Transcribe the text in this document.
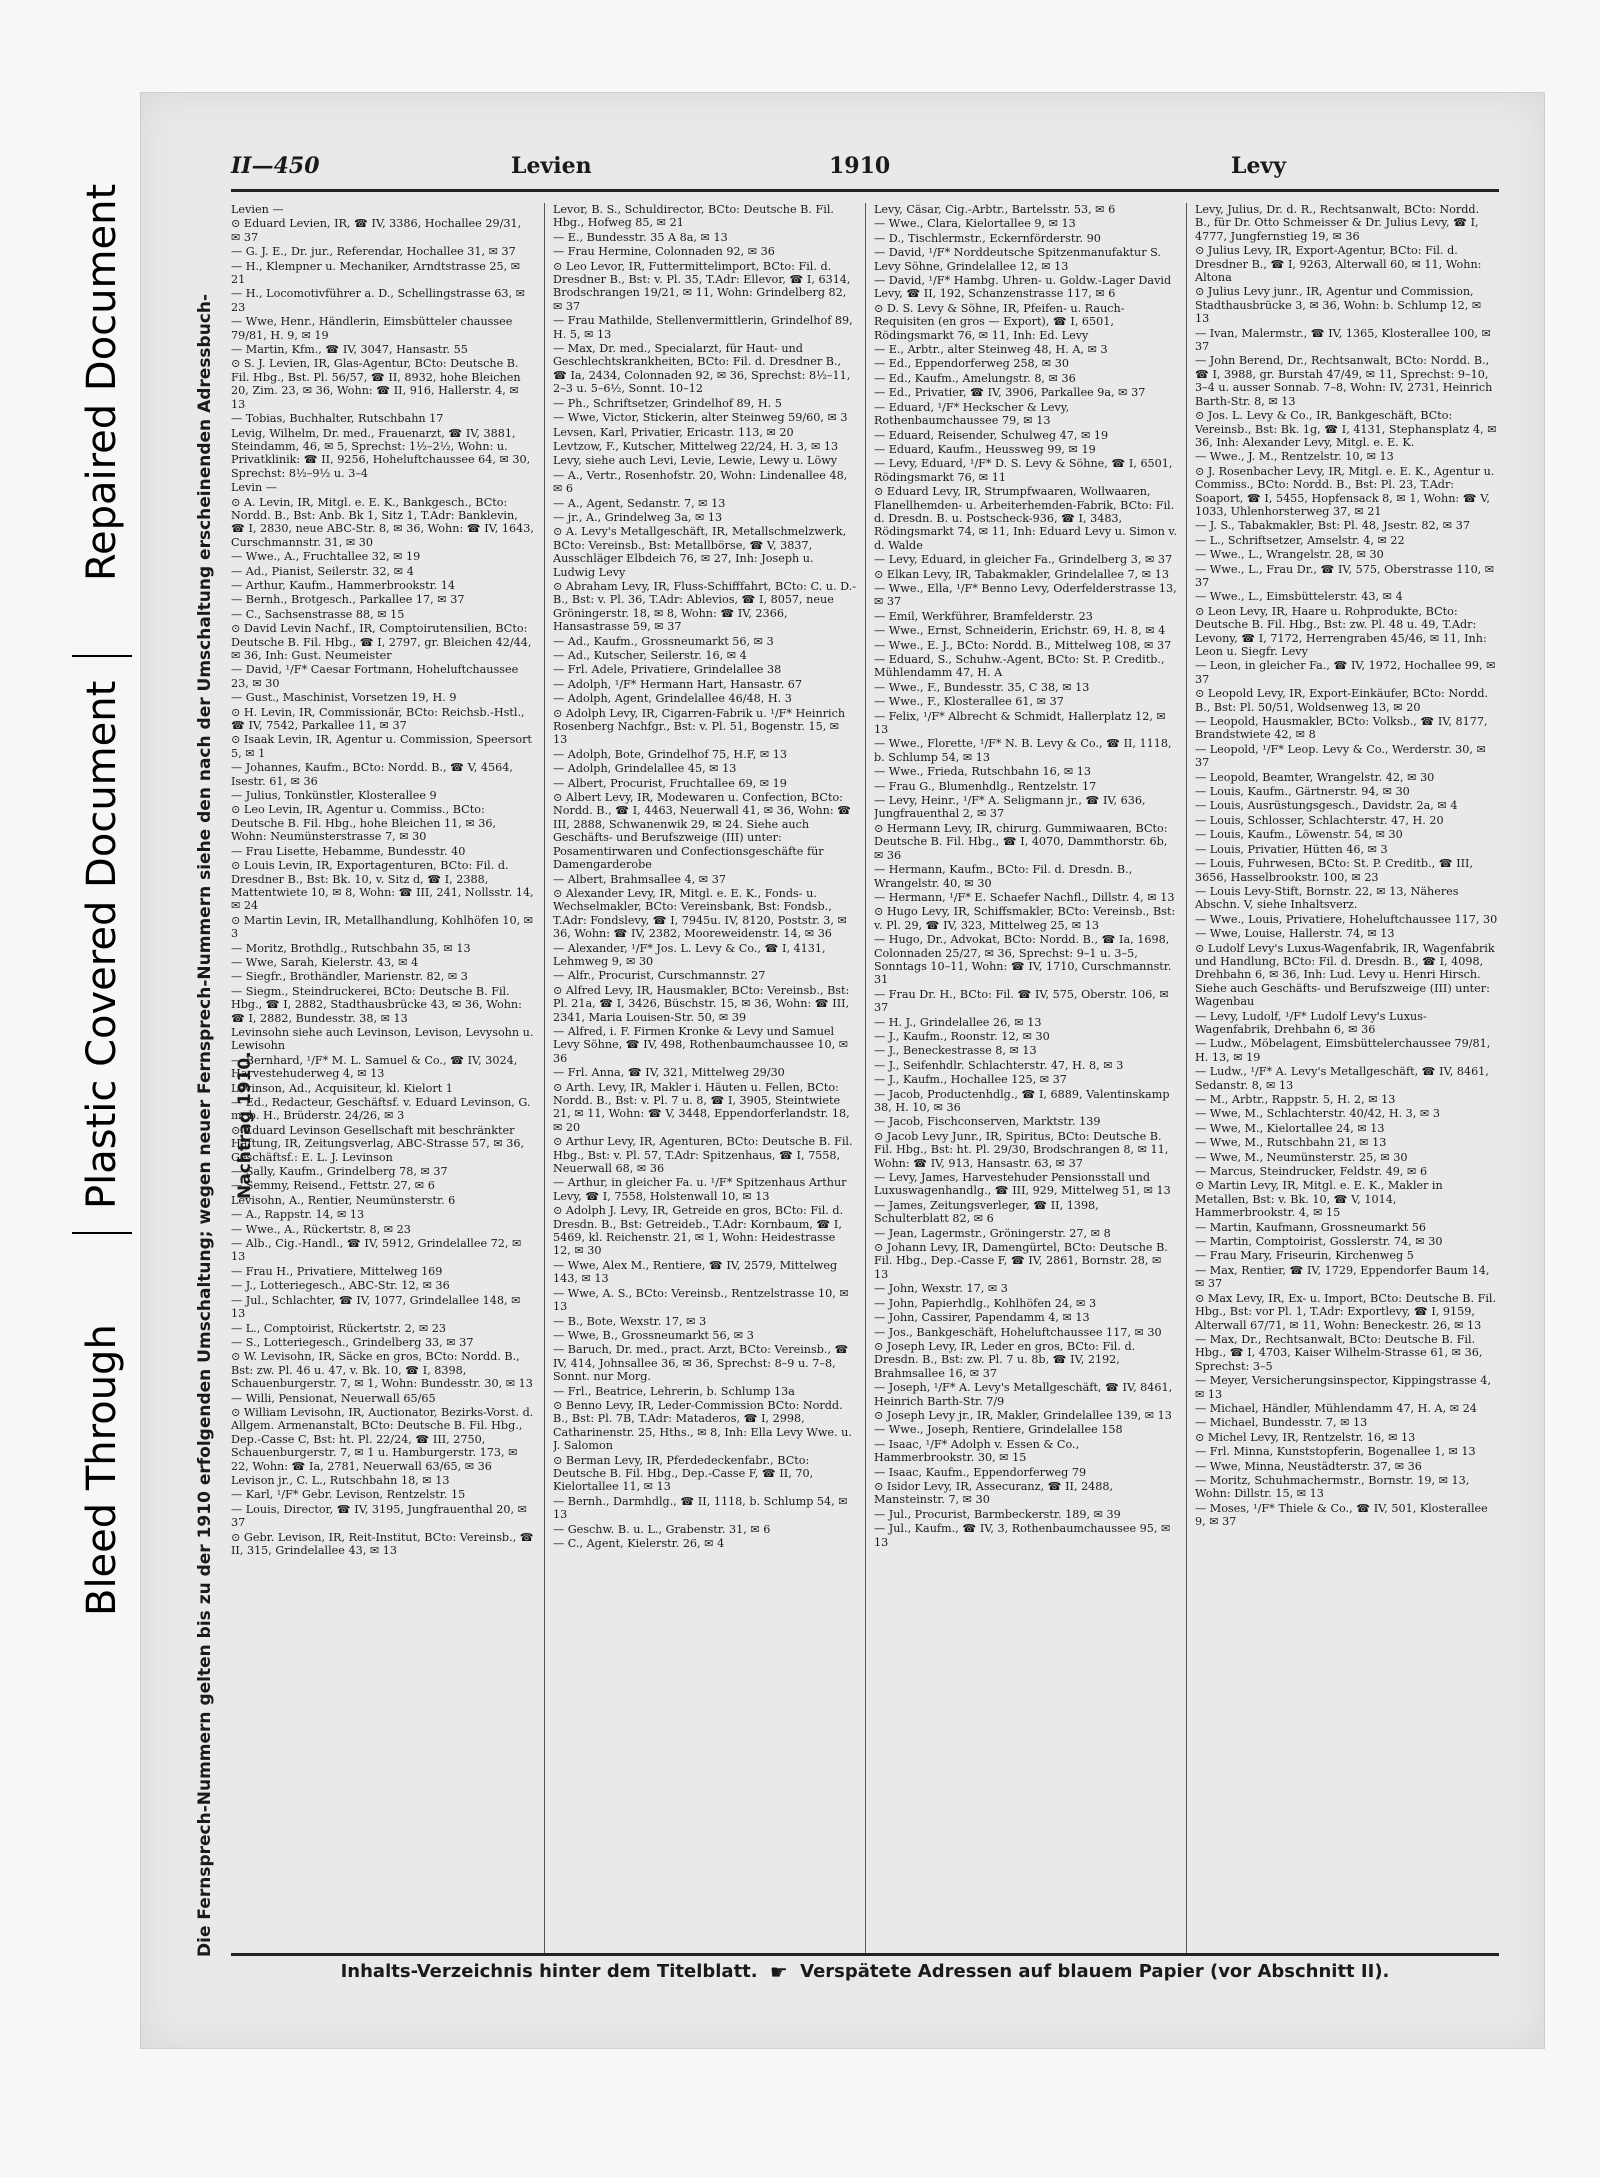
Bleed Through
Plastic Covered Document
Repaired Document	Die Fernsprech-Nummern gelten bis zu der 1910 erfolgenden Umschaltung; wegen neuer Fernsprech-Nummern siehe den nach der Umschaltung erscheinenden Adressbuch-Nachtrag 1910.
II—450	Levien	1910	Levy
Levien —
⊙ Eduard Levien, IR, ☎ IV, 3386, Hochallee 29/31, ✉ 37
— G. J. E., Dr. jur., Referendar, Hochallee 31, ✉ 37
— H., Klempner u. Mechaniker, Arndtstrasse 25, ✉ 21
— H., Locomotivführer a. D., Schellingstrasse 63, ✉ 23
— Wwe, Henr., Händlerin, Eimsbütteler chaussee 79/81, H. 9, ✉ 19
— Martin, Kfm., ☎ IV, 3047, Hansastr. 55
⊙ S. J. Levien, IR, Glas-Agentur, BCto: Deutsche B. Fil. Hbg., Bst. Pl. 56/57, ☎ II, 8932, hohe Bleichen 20, Zim. 23, ✉ 36, Wohn: ☎ II, 916, Hallerstr. 4, ✉ 13
— Tobias, Buchhalter, Rutschbahn 17
Levig, Wilhelm, Dr. med., Frauenarzt, ☎ IV, 3881, Steindamm, 46, ✉ 5, Sprechst: 1½–2½, Wohn: u. Privatklinik: ☎ II, 9256, Hoheluftchaussee 64, ✉ 30, Sprechst: 8½–9½ u. 3–4
Levin —
⊙ A. Levin, IR, Mitgl. e. E. K., Bankgesch., BCto: Nordd. B., Bst: Anb. Bk 1, Sitz 1, T.Adr: Banklevin, ☎ I, 2830, neue ABC-Str. 8, ✉ 36, Wohn: ☎ IV, 1643, Curschmannstr. 31, ✉ 30
— Wwe., A., Fruchtallee 32, ✉ 19
— Ad., Pianist, Seilerstr. 32, ✉ 4
— Arthur, Kaufm., Hammerbrookstr. 14
— Bernh., Brotgesch., Parkallee 17, ✉ 37
— C., Sachsenstrasse 88, ✉ 15
⊙ David Levin Nachf., IR, Comptoirutensilien, BCto: Deutsche B. Fil. Hbg., ☎ I, 2797, gr. Bleichen 42/44, ✉ 36, Inh: Gust. Neumeister
— David, ¹/F* Caesar Fortmann, Hoheluftchaussee 23, ✉ 30
— Gust., Maschinist, Vorsetzen 19, H. 9
⊙ H. Levin, IR, Commissionär, BCto: Reichsb.-Hstl., ☎ IV, 7542, Parkallee 11, ✉ 37
⊙ Isaak Levin, IR, Agentur u. Commission, Speersort 5, ✉ 1
— Johannes, Kaufm., BCto: Nordd. B., ☎ V, 4564, Isestr. 61, ✉ 36
— Julius, Tonkünstler, Klosterallee 9
⊙ Leo Levin, IR, Agentur u. Commiss., BCto: Deutsche B. Fil. Hbg., hohe Bleichen 11, ✉ 36, Wohn: Neumünsterstrasse 7, ✉ 30
— Frau Lisette, Hebamme, Bundesstr. 40
⊙ Louis Levin, IR, Exportagenturen, BCto: Fil. d. Dresdner B., Bst: Bk. 10, v. Sitz d, ☎ I, 2388, Mattentwiete 10, ✉ 8, Wohn: ☎ III, 241, Nollsstr. 14, ✉ 24
⊙ Martin Levin, IR, Metallhandlung, Kohlhöfen 10, ✉ 3
— Moritz, Brothdlg., Rutschbahn 35, ✉ 13
— Wwe, Sarah, Kielerstr. 43, ✉ 4
— Siegfr., Brothändler, Marienstr. 82, ✉ 3
— Siegm., Steindruckerei, BCto: Deutsche B. Fil. Hbg., ☎ I, 2882, Stadthausbrücke 43, ✉ 36, Wohn: ☎ I, 2882, Bundesstr. 38, ✉ 13
Levinsohn siehe auch Levinson, Levison, Levysohn u. Lewisohn
— Bernhard, ¹/F* M. L. Samuel & Co., ☎ IV, 3024, Harvestehuderweg 4, ✉ 13
Levinson, Ad., Acquisiteur, kl. Kielort 1
— Ed., Redacteur, Geschäftsf. v. Eduard Levinson, G. m. b. H., Brüderstr. 24/26, ✉ 3
⊙ Eduard Levinson Gesellschaft mit beschränkter Haftung, IR, Zeitungsverlag, ABC-Strasse 57, ✉ 36, Geschäftsf.: E. L. J. Levinson
— Sally, Kaufm., Grindelberg 78, ✉ 37
— Semmy, Reisend., Fettstr. 27, ✉ 6
Levisohn, A., Rentier, Neumünsterstr. 6
— A., Rappstr. 14, ✉ 13
— Wwe., A., Rückertstr. 8, ✉ 23
— Alb., Cig.-Handl., ☎ IV, 5912, Grindelallee 72, ✉ 13
— Frau H., Privatiere, Mittelweg 169
— J., Lotteriegesch., ABC-Str. 12, ✉ 36
— Jul., Schlachter, ☎ IV, 1077, Grindelallee 148, ✉ 13
— L., Comptoirist, Rückertstr. 2, ✉ 23
— S., Lotteriegesch., Grindelberg 33, ✉ 37
⊙ W. Levisohn, IR, Säcke en gros, BCto: Nordd. B., Bst: zw. Pl. 46 u. 47, v. Bk. 10, ☎ I, 8398, Schauenburgerstr. 7, ✉ 1, Wohn: Bundesstr. 30, ✉ 13
— Willi, Pensionat, Neuerwall 65/65
⊙ William Levisohn, IR, Auctionator, Bezirks-Vorst. d. Allgem. Armenanstalt, BCto: Deutsche B. Fil. Hbg., Dep.-Casse C, Bst: ht. Pl. 22/24, ☎ III, 2750, Schauenburgerstr. 7, ✉ 1 u. Hamburgerstr. 173, ✉ 22, Wohn: ☎ Ia, 2781, Neuerwall 63/65, ✉ 36
Levison jr., C. L., Rutschbahn 18, ✉ 13
— Karl, ¹/F* Gebr. Levison, Rentzelstr. 15
— Louis, Director, ☎ IV, 3195, Jungfrauenthal 20, ✉ 37
⊙ Gebr. Levison, IR, Reit-Institut, BCto: Vereinsb., ☎ II, 315, Grindelallee 43, ✉ 13
Levor, B. S., Schuldirector, BCto: Deutsche B. Fil. Hbg., Hofweg 85, ✉ 21
— E., Bundesstr. 35 A 8a, ✉ 13
— Frau Hermine, Colonnaden 92, ✉ 36
⊙ Leo Levor, IR, Futtermittelimport, BCto: Fil. d. Dresdner B., Bst: v. Pl. 35, T.Adr: Ellevor, ☎ I, 6314, Brodschrangen 19/21, ✉ 11, Wohn: Grindelberg 82, ✉ 37
— Frau Mathilde, Stellenvermittlerin, Grindelhof 89, H. 5, ✉ 13
— Max, Dr. med., Specialarzt, für Haut- und Geschlechtskrankheiten, BCto: Fil. d. Dresdner B., ☎ Ia, 2434, Colonnaden 92, ✉ 36, Sprechst: 8½–11, 2–3 u. 5–6½, Sonnt. 10–12
— Ph., Schriftsetzer, Grindelhof 89, H. 5
— Wwe, Victor, Stickerin, alter Steinweg 59/60, ✉ 3
Levsen, Karl, Privatier, Ericastr. 113, ✉ 20
Levtzow, F., Kutscher, Mittelweg 22/24, H. 3, ✉ 13
Levy, siehe auch Levi, Levie, Lewie, Lewy u. Löwy
— A., Vertr., Rosenhofstr. 20, Wohn: Lindenallee 48, ✉ 6
— A., Agent, Sedanstr. 7, ✉ 13
— jr., A., Grindelweg 3a, ✉ 13
⊙ A. Levy's Metallgeschäft, IR, Metallschmelzwerk, BCto: Vereinsb., Bst: Metallbörse, ☎ V, 3837, Ausschläger Elbdeich 76, ✉ 27, Inh: Joseph u. Ludwig Levy
⊙ Abraham Levy, IR, Fluss-Schifffahrt, BCto: C. u. D.-B., Bst: v. Pl. 36, T.Adr: Ablevios, ☎ I, 8057, neue Gröningerstr. 18, ✉ 8, Wohn: ☎ IV, 2366, Hansastrasse 59, ✉ 37
— Ad., Kaufm., Grossneumarkt 56, ✉ 3
— Ad., Kutscher, Seilerstr. 16, ✉ 4
— Frl. Adele, Privatiere, Grindelallee 38
— Adolph, ¹/F* Hermann Hart, Hansastr. 67
— Adolph, Agent, Grindelallee 46/48, H. 3
⊙ Adolph Levy, IR, Cigarren-Fabrik u. ¹/F* Heinrich Rosenberg Nachfgr., Bst: v. Pl. 51, Bogenstr. 15, ✉ 13
— Adolph, Bote, Grindelhof 75, H.F, ✉ 13
— Adolph, Grindelallee 45, ✉ 13
— Albert, Procurist, Fruchtallee 69, ✉ 19
⊙ Albert Levy, IR, Modewaren u. Confection, BCto: Nordd. B., ☎ I, 4463, Neuerwall 41, ✉ 36, Wohn: ☎ III, 2888, Schwanenwik 29, ✉ 24. Siehe auch Geschäfts- und Berufszweige (III) unter: Posamentirwaren und Confectionsgeschäfte für Damengarderobe
— Albert, Brahmsallee 4, ✉ 37
⊙ Alexander Levy, IR, Mitgl. e. E. K., Fonds- u. Wechselmakler, BCto: Vereinsbank, Bst: Fondsb., T.Adr: Fondslevy, ☎ I, 7945u. IV, 8120, Poststr. 3, ✉ 36, Wohn: ☎ IV, 2382, Mooreweidenstr. 14, ✉ 36
— Alexander, ¹/F* Jos. L. Levy & Co., ☎ I, 4131, Lehmweg 9, ✉ 30
— Alfr., Procurist, Curschmannstr. 27
⊙ Alfred Levy, IR, Hausmakler, BCto: Vereinsb., Bst: Pl. 21a, ☎ I, 3426, Büschstr. 15, ✉ 36, Wohn: ☎ III, 2341, Maria Louisen-Str. 50, ✉ 39
— Alfred, i. F. Firmen Kronke & Levy und Samuel Levy Söhne, ☎ IV, 498, Rothenbaumchaussee 10, ✉ 36
— Frl. Anna, ☎ IV, 321, Mittelweg 29/30
⊙ Arth. Levy, IR, Makler i. Häuten u. Fellen, BCto: Nordd. B., Bst: v. Pl. 7 u. 8, ☎ I, 3905, Steintwiete 21, ✉ 11, Wohn: ☎ V, 3448, Eppendorferlandstr. 18, ✉ 20
⊙ Arthur Levy, IR, Agenturen, BCto: Deutsche B. Fil. Hbg., Bst: v. Pl. 57, T.Adr: Spitzenhaus, ☎ I, 7558, Neuerwall 68, ✉ 36
— Arthur, in gleicher Fa. u. ¹/F* Spitzenhaus Arthur Levy, ☎ I, 7558, Holstenwall 10, ✉ 13
⊙ Adolph J. Levy, IR, Getreide en gros, BCto: Fil. d. Dresdn. B., Bst: Getreideb., T.Adr: Kornbaum, ☎ I, 5469, kl. Reichenstr. 21, ✉ 1, Wohn: Heidestrasse 12, ✉ 30
— Wwe, Alex M., Rentiere, ☎ IV, 2579, Mittelweg 143, ✉ 13
— Wwe, A. S., BCto: Vereinsb., Rentzelstrasse 10, ✉ 13
— B., Bote, Wexstr. 17, ✉ 3
— Wwe, B., Grossneumarkt 56, ✉ 3
— Baruch, Dr. med., pract. Arzt, BCto: Vereinsb., ☎ IV, 414, Johnsallee 36, ✉ 36, Sprechst: 8–9 u. 7–8, Sonnt. nur Morg.
— Frl., Beatrice, Lehrerin, b. Schlump 13a
⊙ Benno Levy, IR, Leder-Commission BCto: Nordd. B., Bst: Pl. 7B, T.Adr: Mataderos, ☎ I, 2998, Catharinenstr. 25, Hths., ✉ 8, Inh: Ella Levy Wwe. u. J. Salomon
⊙ Berman Levy, IR, Pferdedeckenfabr., BCto: Deutsche B. Fil. Hbg., Dep.-Casse F, ☎ II, 70, Kielortallee 11, ✉ 13
— Bernh., Darmhdlg., ☎ II, 1118, b. Schlump 54, ✉ 13
— Geschw. B. u. L., Grabenstr. 31, ✉ 6
— C., Agent, Kielerstr. 26, ✉ 4
Levy, Cäsar, Cig.-Arbtr., Bartelsstr. 53, ✉ 6
— Wwe., Clara, Kielortallee 9, ✉ 13
— D., Tischlermstr., Eckernförderstr. 90
— David, ¹/F* Norddeutsche Spitzenmanufaktur S. Levy Söhne, Grindelallee 12, ✉ 13
— David, ¹/F* Hambg. Uhren- u. Goldw.-Lager David Levy, ☎ II, 192, Schanzenstrasse 117, ✉ 6
⊙ D. S. Levy & Söhne, IR, Pfeifen- u. Rauch-Requisiten (en gros — Export), ☎ I, 6501, Rödingsmarkt 76, ✉ 11, Inh: Ed. Levy
— E., Arbtr., alter Steinweg 48, H. A, ✉ 3
— Ed., Eppendorferweg 258, ✉ 30
— Ed., Kaufm., Amelungstr. 8, ✉ 36
— Ed., Privatier, ☎ IV, 3906, Parkallee 9a, ✉ 37
— Eduard, ¹/F* Heckscher & Levy, Rothenbaumchaussee 79, ✉ 13
— Eduard, Reisender, Schulweg 47, ✉ 19
— Eduard, Kaufm., Heussweg 99, ✉ 19
— Levy, Eduard, ¹/F* D. S. Levy & Söhne, ☎ I, 6501, Rödingsmarkt 76, ✉ 11
⊙ Eduard Levy, IR, Strumpfwaaren, Wollwaaren, Flanellhemden- u. Arbeiterhemden-Fabrik, BCto: Fil. d. Dresdn. B. u. Postscheck-936, ☎ I, 3483, Rödingsmarkt 74, ✉ 11, Inh: Eduard Levy u. Simon v. d. Walde
— Levy, Eduard, in gleicher Fa., Grindelberg 3, ✉ 37
⊙ Elkan Levy, IR, Tabakmakler, Grindelallee 7, ✉ 13
— Wwe., Ella, ¹/F* Benno Levy, Oderfelderstrasse 13, ✉ 37
— Emil, Werkführer, Bramfelderstr. 23
— Wwe., Ernst, Schneiderin, Erichstr. 69, H. 8, ✉ 4
— Wwe., E. J., BCto: Nordd. B., Mittelweg 108, ✉ 37
— Eduard, S., Schuhw.-Agent, BCto: St. P. Creditb., Mühlendamm 47, H. A
— Wwe., F., Bundesstr. 35, C 38, ✉ 13
— Wwe., F., Klosterallee 61, ✉ 37
— Felix, ¹/F* Albrecht & Schmidt, Hallerplatz 12, ✉ 13
— Wwe., Florette, ¹/F* N. B. Levy & Co., ☎ II, 1118, b. Schlump 54, ✉ 13
— Wwe., Frieda, Rutschbahn 16, ✉ 13
— Frau G., Blumenhdlg., Rentzelstr. 17
— Levy, Heinr., ¹/F* A. Seligmann jr., ☎ IV, 636, Jungfrauenthal 2, ✉ 37
⊙ Hermann Levy, IR, chirurg. Gummiwaaren, BCto: Deutsche B. Fil. Hbg., ☎ I, 4070, Dammthorstr. 6b, ✉ 36
— Hermann, Kaufm., BCto: Fil. d. Dresdn. B., Wrangelstr. 40, ✉ 30
— Hermann, ¹/F* E. Schaefer Nachfl., Dillstr. 4, ✉ 13
⊙ Hugo Levy, IR, Schiffsmakler, BCto: Vereinsb., Bst: v. Pl. 29, ☎ IV, 323, Mittelweg 25, ✉ 13
— Hugo, Dr., Advokat, BCto: Nordd. B., ☎ Ia, 1698, Colonnaden 25/27, ✉ 36, Sprechst: 9–1 u. 3–5, Sonntags 10–11, Wohn: ☎ IV, 1710, Curschmannstr. 31
— Frau Dr. H., BCto: Fil. ☎ IV, 575, Oberstr. 106, ✉ 37
— H. J., Grindelallee 26, ✉ 13
— J., Kaufm., Roonstr. 12, ✉ 30
— J., Beneckestrasse 8, ✉ 13
— J., Seifenhdlr. Schlachterstr. 47, H. 8, ✉ 3
— J., Kaufm., Hochallee 125, ✉ 37
— Jacob, Productenhdlg., ☎ I, 6889, Valentinskamp 38, H. 10, ✉ 36
— Jacob, Fischconserven, Marktstr. 139
⊙ Jacob Levy Junr., IR, Spiritus, BCto: Deutsche B. Fil. Hbg., Bst: ht. Pl. 29/30, Brodschrangen 8, ✉ 11, Wohn: ☎ IV, 913, Hansastr. 63, ✉ 37
— Levy, James, Harvestehuder Pensionsstall und Luxuswagenhandlg., ☎ III, 929, Mittelweg 51, ✉ 13
— James, Zeitungsverleger, ☎ II, 1398, Schulterblatt 82, ✉ 6
— Jean, Lagermstr., Gröningerstr. 27, ✉ 8
⊙ Johann Levy, IR, Damengürtel, BCto: Deutsche B. Fil. Hbg., Dep.-Casse F, ☎ IV, 2861, Bornstr. 28, ✉ 13
— John, Wexstr. 17, ✉ 3
— John, Papierhdlg., Kohlhöfen 24, ✉ 3
— John, Cassirer, Papendamm 4, ✉ 13
— Jos., Bankgeschäft, Hoheluftchaussee 117, ✉ 30
⊙ Joseph Levy, IR, Leder en gros, BCto: Fil. d. Dresdn. B., Bst: zw. Pl. 7 u. 8b, ☎ IV, 2192, Brahmsallee 16, ✉ 37
— Joseph, ¹/F* A. Levy's Metallgeschäft, ☎ IV, 8461, Heinrich Barth-Str. 7/9
⊙ Joseph Levy jr., IR, Makler, Grindelallee 139, ✉ 13
— Wwe., Joseph, Rentiere, Grindelallee 158
— Isaac, ¹/F* Adolph v. Essen & Co., Hammerbrookstr. 30, ✉ 15
— Isaac, Kaufm., Eppendorferweg 79
⊙ Isidor Levy, IR, Assecuranz, ☎ II, 2488, Mansteinstr. 7, ✉ 30
— Jul., Procurist, Barmbeckerstr. 189, ✉ 39
— Jul., Kaufm., ☎ IV, 3, Rothenbaumchaussee 95, ✉ 13
Levy, Julius, Dr. d. R., Rechtsanwalt, BCto: Nordd. B., für Dr. Otto Schmeisser & Dr. Julius Levy, ☎ I, 4777, Jungfernstieg 19, ✉ 36
⊙ Julius Levy, IR, Export-Agentur, BCto: Fil. d. Dresdner B., ☎ I, 9263, Alterwall 60, ✉ 11, Wohn: Altona
⊙ Julius Levy junr., IR, Agentur und Commission, Stadthausbrücke 3, ✉ 36, Wohn: b. Schlump 12, ✉ 13
— Ivan, Malermstr., ☎ IV, 1365, Klosterallee 100, ✉ 37
— John Berend, Dr., Rechtsanwalt, BCto: Nordd. B., ☎ I, 3988, gr. Burstah 47/49, ✉ 11, Sprechst: 9–10, 3–4 u. ausser Sonnab. 7–8, Wohn: IV, 2731, Heinrich Barth-Str. 8, ✉ 13
⊙ Jos. L. Levy & Co., IR, Bankgeschäft, BCto: Vereinsb., Bst: Bk. 1g, ☎ I, 4131, Stephansplatz 4, ✉ 36, Inh: Alexander Levy, Mitgl. e. E. K.
— Wwe., J. M., Rentzelstr. 10, ✉ 13
⊙ J. Rosenbacher Levy, IR, Mitgl. e. E. K., Agentur u. Commiss., BCto: Nordd. B., Bst: Pl. 23, T.Adr: Soaport, ☎ I, 5455, Hopfensack 8, ✉ 1, Wohn: ☎ V, 1033, Uhlenhorsterweg 37, ✉ 21
— J. S., Tabakmakler, Bst: Pl. 48, Jsestr. 82, ✉ 37
— L., Schriftsetzer, Amselstr. 4, ✉ 22
— Wwe., L., Wrangelstr. 28, ✉ 30
— Wwe., L., Frau Dr., ☎ IV, 575, Oberstrasse 110, ✉ 37
— Wwe., L., Eimsbüttelerstr. 43, ✉ 4
⊙ Leon Levy, IR, Haare u. Rohprodukte, BCto: Deutsche B. Fil. Hbg., Bst: zw. Pl. 48 u. 49, T.Adr: Levony, ☎ I, 7172, Herrengraben 45/46, ✉ 11, Inh: Leon u. Siegfr. Levy
— Leon, in gleicher Fa., ☎ IV, 1972, Hochallee 99, ✉ 37
⊙ Leopold Levy, IR, Export-Einkäufer, BCto: Nordd. B., Bst: Pl. 50/51, Woldsenweg 13, ✉ 20
— Leopold, Hausmakler, BCto: Volksb., ☎ IV, 8177, Brandstwiete 42, ✉ 8
— Leopold, ¹/F* Leop. Levy & Co., Werderstr. 30, ✉ 37
— Leopold, Beamter, Wrangelstr. 42, ✉ 30
— Louis, Kaufm., Gärtnerstr. 94, ✉ 30
— Louis, Ausrüstungsgesch., Davidstr. 2a, ✉ 4
— Louis, Schlosser, Schlachterstr. 47, H. 20
— Louis, Kaufm., Löwenstr. 54, ✉ 30
— Louis, Privatier, Hütten 46, ✉ 3
— Louis, Fuhrwesen, BCto: St. P. Creditb., ☎ III, 3656, Hasselbrookstr. 100, ✉ 23
— Louis Levy-Stift, Bornstr. 22, ✉ 13, Näheres Abschn. V, siehe Inhaltsverz.
— Wwe., Louis, Privatiere, Hoheluftchaussee 117, 30
— Wwe, Louise, Hallerstr. 74, ✉ 13
⊙ Ludolf Levy's Luxus-Wagenfabrik, IR, Wagenfabrik und Handlung, BCto: Fil. d. Dresdn. B., ☎ I, 4098, Drehbahn 6, ✉ 36, Inh: Lud. Levy u. Henri Hirsch. Siehe auch Geschäfts- und Berufszweige (III) unter: Wagenbau
— Levy, Ludolf, ¹/F* Ludolf Levy's Luxus-Wagenfabrik, Drehbahn 6, ✉ 36
— Ludw., Möbelagent, Eimsbüttelerchaussee 79/81, H. 13, ✉ 19
— Ludw., ¹/F* A. Levy's Metallgeschäft, ☎ IV, 8461, Sedanstr. 8, ✉ 13
— M., Arbtr., Rappstr. 5, H. 2, ✉ 13
— Wwe, M., Schlachterstr. 40/42, H. 3, ✉ 3
— Wwe, M., Kielortallee 24, ✉ 13
— Wwe, M., Rutschbahn 21, ✉ 13
— Wwe, M., Neumünsterstr. 25, ✉ 30
— Marcus, Steindrucker, Feldstr. 49, ✉ 6
⊙ Martin Levy, IR, Mitgl. e. E. K., Makler in Metallen, Bst: v. Bk. 10, ☎ V, 1014, Hammerbrookstr. 4, ✉ 15
— Martin, Kaufmann, Grossneumarkt 56
— Martin, Comptoirist, Gosslerstr. 74, ✉ 30
— Frau Mary, Friseurin, Kirchenweg 5
— Max, Rentier, ☎ IV, 1729, Eppendorfer Baum 14, ✉ 37
⊙ Max Levy, IR, Ex- u. Import, BCto: Deutsche B. Fil. Hbg., Bst: vor Pl. 1, T.Adr: Exportlevy, ☎ I, 9159, Alterwall 67/71, ✉ 11, Wohn: Beneckestr. 26, ✉ 13
— Max, Dr., Rechtsanwalt, BCto: Deutsche B. Fil. Hbg., ☎ I, 4703, Kaiser Wilhelm-Strasse 61, ✉ 36, Sprechst: 3–5
— Meyer, Versicherungsinspector, Kippingstrasse 4, ✉ 13
— Michael, Händler, Mühlendamm 47, H. A, ✉ 24
— Michael, Bundesstr. 7, ✉ 13
⊙ Michel Levy, IR, Rentzelstr. 16, ✉ 13
— Frl. Minna, Kunststopferin, Bogenallee 1, ✉ 13
— Wwe, Minna, Neustädterstr. 37, ✉ 36
— Moritz, Schuhmachermstr., Bornstr. 19, ✉ 13, Wohn: Dillstr. 15, ✉ 13
— Moses, ¹/F* Thiele & Co., ☎ IV, 501, Klosterallee 9, ✉ 37
Inhalts-Verzeichnis hinter dem Titelblatt. ☛ Verspätete Adressen auf blauem Papier (vor Abschnitt II).
